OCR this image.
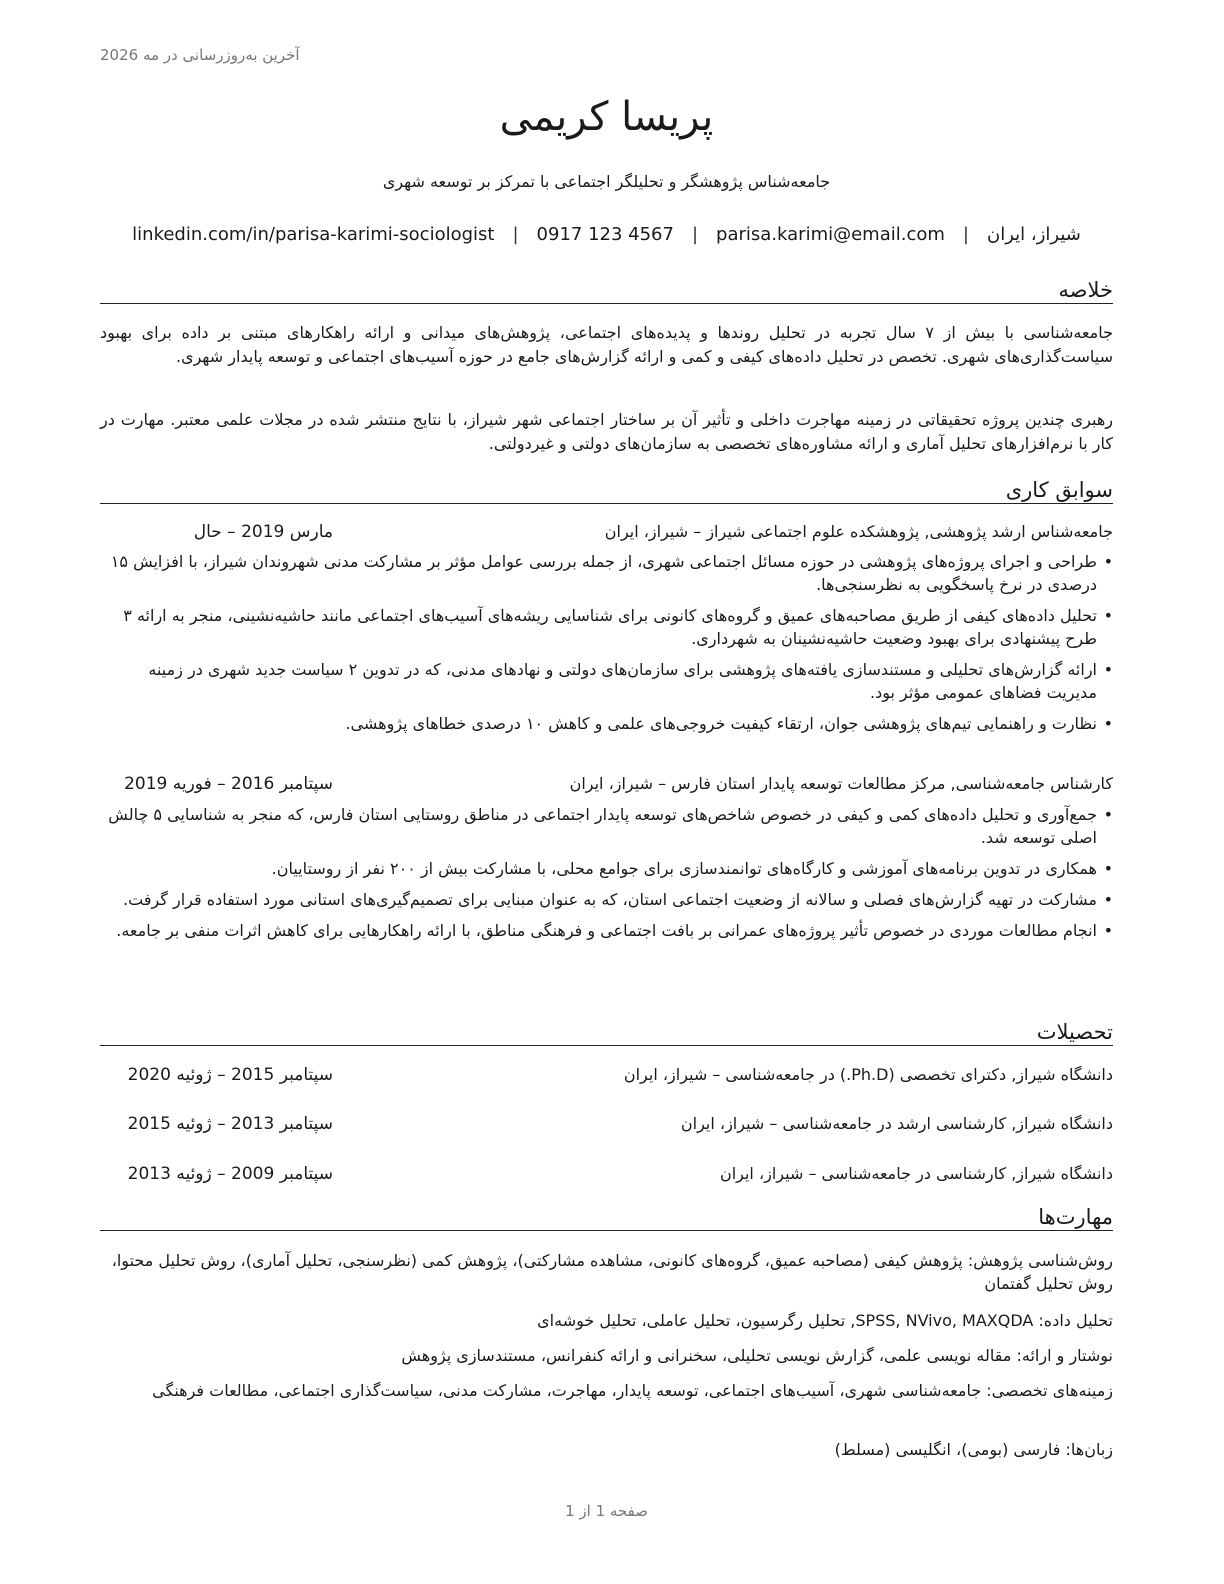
آخرین به‌روزرسانی در مه 2026
پریسا کریمی
جامعه‌شناس پژوهشگر و تحلیلگر اجتماعی با تمرکز بر توسعه شهری
شیراز، ایران
|
parisa.karimi@email.com
|
0917 123 4567
|
linkedin.com/in/parisa-karimi-sociologist
خلاصه
جامعه‌شناسی با بیش از ۷ سال تجربه در تحلیل روندها و پدیده‌های اجتماعی، پژوهش‌های میدانی و ارائه راهکارهای مبتنی بر داده برای بهبود سیاست‌گذاری‌های شهری. تخصص در تحلیل داده‌های کیفی و کمی و ارائه گزارش‌های جامع در حوزه آسیب‌های اجتماعی و توسعه پایدار شهری.
رهبری چندین پروژه تحقیقاتی در زمینه مهاجرت داخلی و تأثیر آن بر ساختار اجتماعی شهر شیراز، با نتایج منتشر شده در مجلات علمی معتبر. مهارت در کار با نرم‌افزارهای تحلیل آماری و ارائه مشاوره‌های تخصصی به سازمان‌های دولتی و غیردولتی.
سوابق کاری
جامعه‌شناس ارشد پژوهشی, پژوهشکده علوم اجتماعی شیراز – شیراز، ایران
مارس 2019 – حال
• طراحی و اجرای پروژه‌های پژوهشی در حوزه مسائل اجتماعی شهری، از جمله بررسی عوامل مؤثر بر مشارکت مدنی شهروندان شیراز، با افزایش ۱۵ درصدی در نرخ پاسخگویی به نظرسنجی‌ها.
• تحلیل داده‌های کیفی از طریق مصاحبه‌های عمیق و گروه‌های کانونی برای شناسایی ریشه‌های آسیب‌های اجتماعی مانند حاشیه‌نشینی، منجر به ارائه ۳ طرح پیشنهادی برای بهبود وضعیت حاشیه‌نشینان به شهرداری.
• ارائه گزارش‌های تحلیلی و مستندسازی یافته‌های پژوهشی برای سازمان‌های دولتی و نهادهای مدنی، که در تدوین ۲ سیاست جدید شهری در زمینه مدیریت فضاهای عمومی مؤثر بود.
• نظارت و راهنمایی تیم‌های پژوهشی جوان، ارتقاء کیفیت خروجی‌های علمی و کاهش ۱۰ درصدی خطاهای پژوهشی.
کارشناس جامعه‌شناسی, مرکز مطالعات توسعه پایدار استان فارس – شیراز، ایران
سپتامبر 2016 – فوریه 2019
• جمع‌آوری و تحلیل داده‌های کمی و کیفی در خصوص شاخص‌های توسعه پایدار اجتماعی در مناطق روستایی استان فارس، که منجر به شناسایی ۵ چالش اصلی توسعه شد.
• همکاری در تدوین برنامه‌های آموزشی و کارگاه‌های توانمندسازی برای جوامع محلی، با مشارکت بیش از ۲۰۰ نفر از روستاییان.
• مشارکت در تهیه گزارش‌های فصلی و سالانه از وضعیت اجتماعی استان، که به عنوان مبنایی برای تصمیم‌گیری‌های استانی مورد استفاده قرار گرفت.
• انجام مطالعات موردی در خصوص تأثیر پروژه‌های عمرانی بر بافت اجتماعی و فرهنگی مناطق، با ارائه راهکارهایی برای کاهش اثرات منفی بر جامعه.
تحصیلات
دانشگاه شیراز, دکترای تخصصی (Ph.D.) در جامعه‌شناسی – شیراز، ایران
سپتامبر 2015 – ژوئیه 2020
دانشگاه شیراز, کارشناسی ارشد در جامعه‌شناسی – شیراز، ایران
سپتامبر 2013 – ژوئیه 2015
دانشگاه شیراز, کارشناسی در جامعه‌شناسی – شیراز، ایران
سپتامبر 2009 – ژوئیه 2013
مهارت‌ها
روش‌شناسی پژوهش: پژوهش کیفی (مصاحبه عمیق، گروه‌های کانونی، مشاهده مشارکتی)، پژوهش کمی (نظرسنجی، تحلیل آماری)، روش تحلیل محتوا، روش تحلیل گفتمان
تحلیل داده: SPSS, NVivo, MAXQDA, تحلیل رگرسیون، تحلیل عاملی، تحلیل خوشه‌ای
نوشتار و ارائه: مقاله نویسی علمی، گزارش نویسی تحلیلی، سخنرانی و ارائه کنفرانس، مستندسازی پژوهش
زمینه‌های تخصصی: جامعه‌شناسی شهری، آسیب‌های اجتماعی، توسعه پایدار، مهاجرت، مشارکت مدنی، سیاست‌گذاری اجتماعی، مطالعات فرهنگی
زبان‌ها: فارسی (بومی)، انگلیسی (مسلط)
صفحه 1 از 1
